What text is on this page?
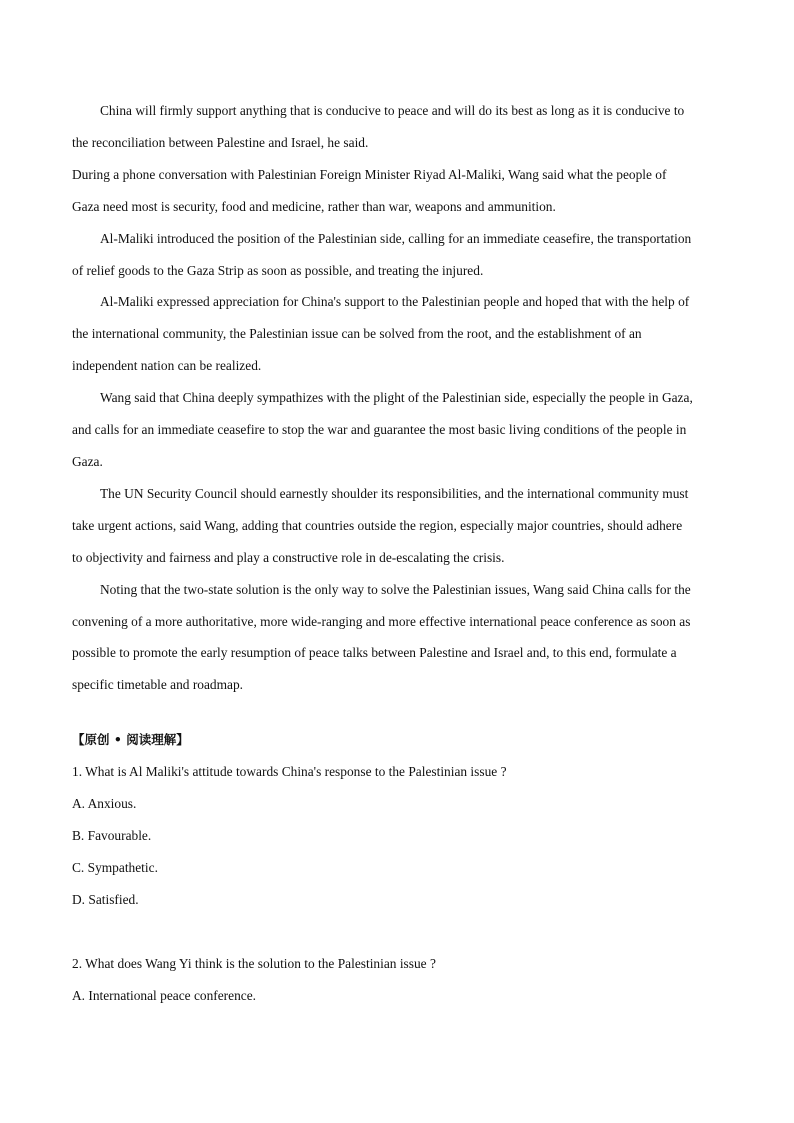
China will firmly support anything that is conducive to peace and will do its best as long as it is conducive to

the reconciliation between Palestine and Israel, he said.

During a phone conversation with Palestinian Foreign Minister Riyad Al-Maliki, Wang said what the people of

Gaza need most is security, food and medicine, rather than war, weapons and ammunition.

Al-Maliki introduced the position of the Palestinian side, calling for an immediate ceasefire, the transportation

of relief goods to the Gaza Strip as soon as possible, and treating the injured.

Al-Maliki expressed appreciation for China's support to the Palestinian people and hoped that with the help of

the international community, the Palestinian issue can be solved from the root, and the establishment of an

independent nation can be realized.

Wang said that China deeply sympathizes with the plight of the Palestinian side, especially the people in Gaza,

and calls for an immediate ceasefire to stop the war and guarantee the most basic living conditions of the people in

Gaza.

The UN Security Council should earnestly shoulder its responsibilities, and the international community must

take urgent actions, said Wang, adding that countries outside the region, especially major countries, should adhere

to objectivity and fairness and play a constructive role in de-escalating the crisis.

Noting that the two-state solution is the only way to solve the Palestinian issues, Wang said China calls for the

convening of a more authoritative, more wide-ranging and more effective international peace conference as soon as

possible to promote the early resumption of peace talks between Palestine and Israel and, to this end, formulate a

specific timetable and roadmap.

【原创 • 阅读理解】

1. What is Al Maliki's attitude towards China's response to the Palestinian issue ?

A. Anxious.

B. Favourable.

C. Sympathetic.

D. Satisfied.

2. What does Wang Yi think is the solution to the Palestinian issue ?

A. International peace conference.
